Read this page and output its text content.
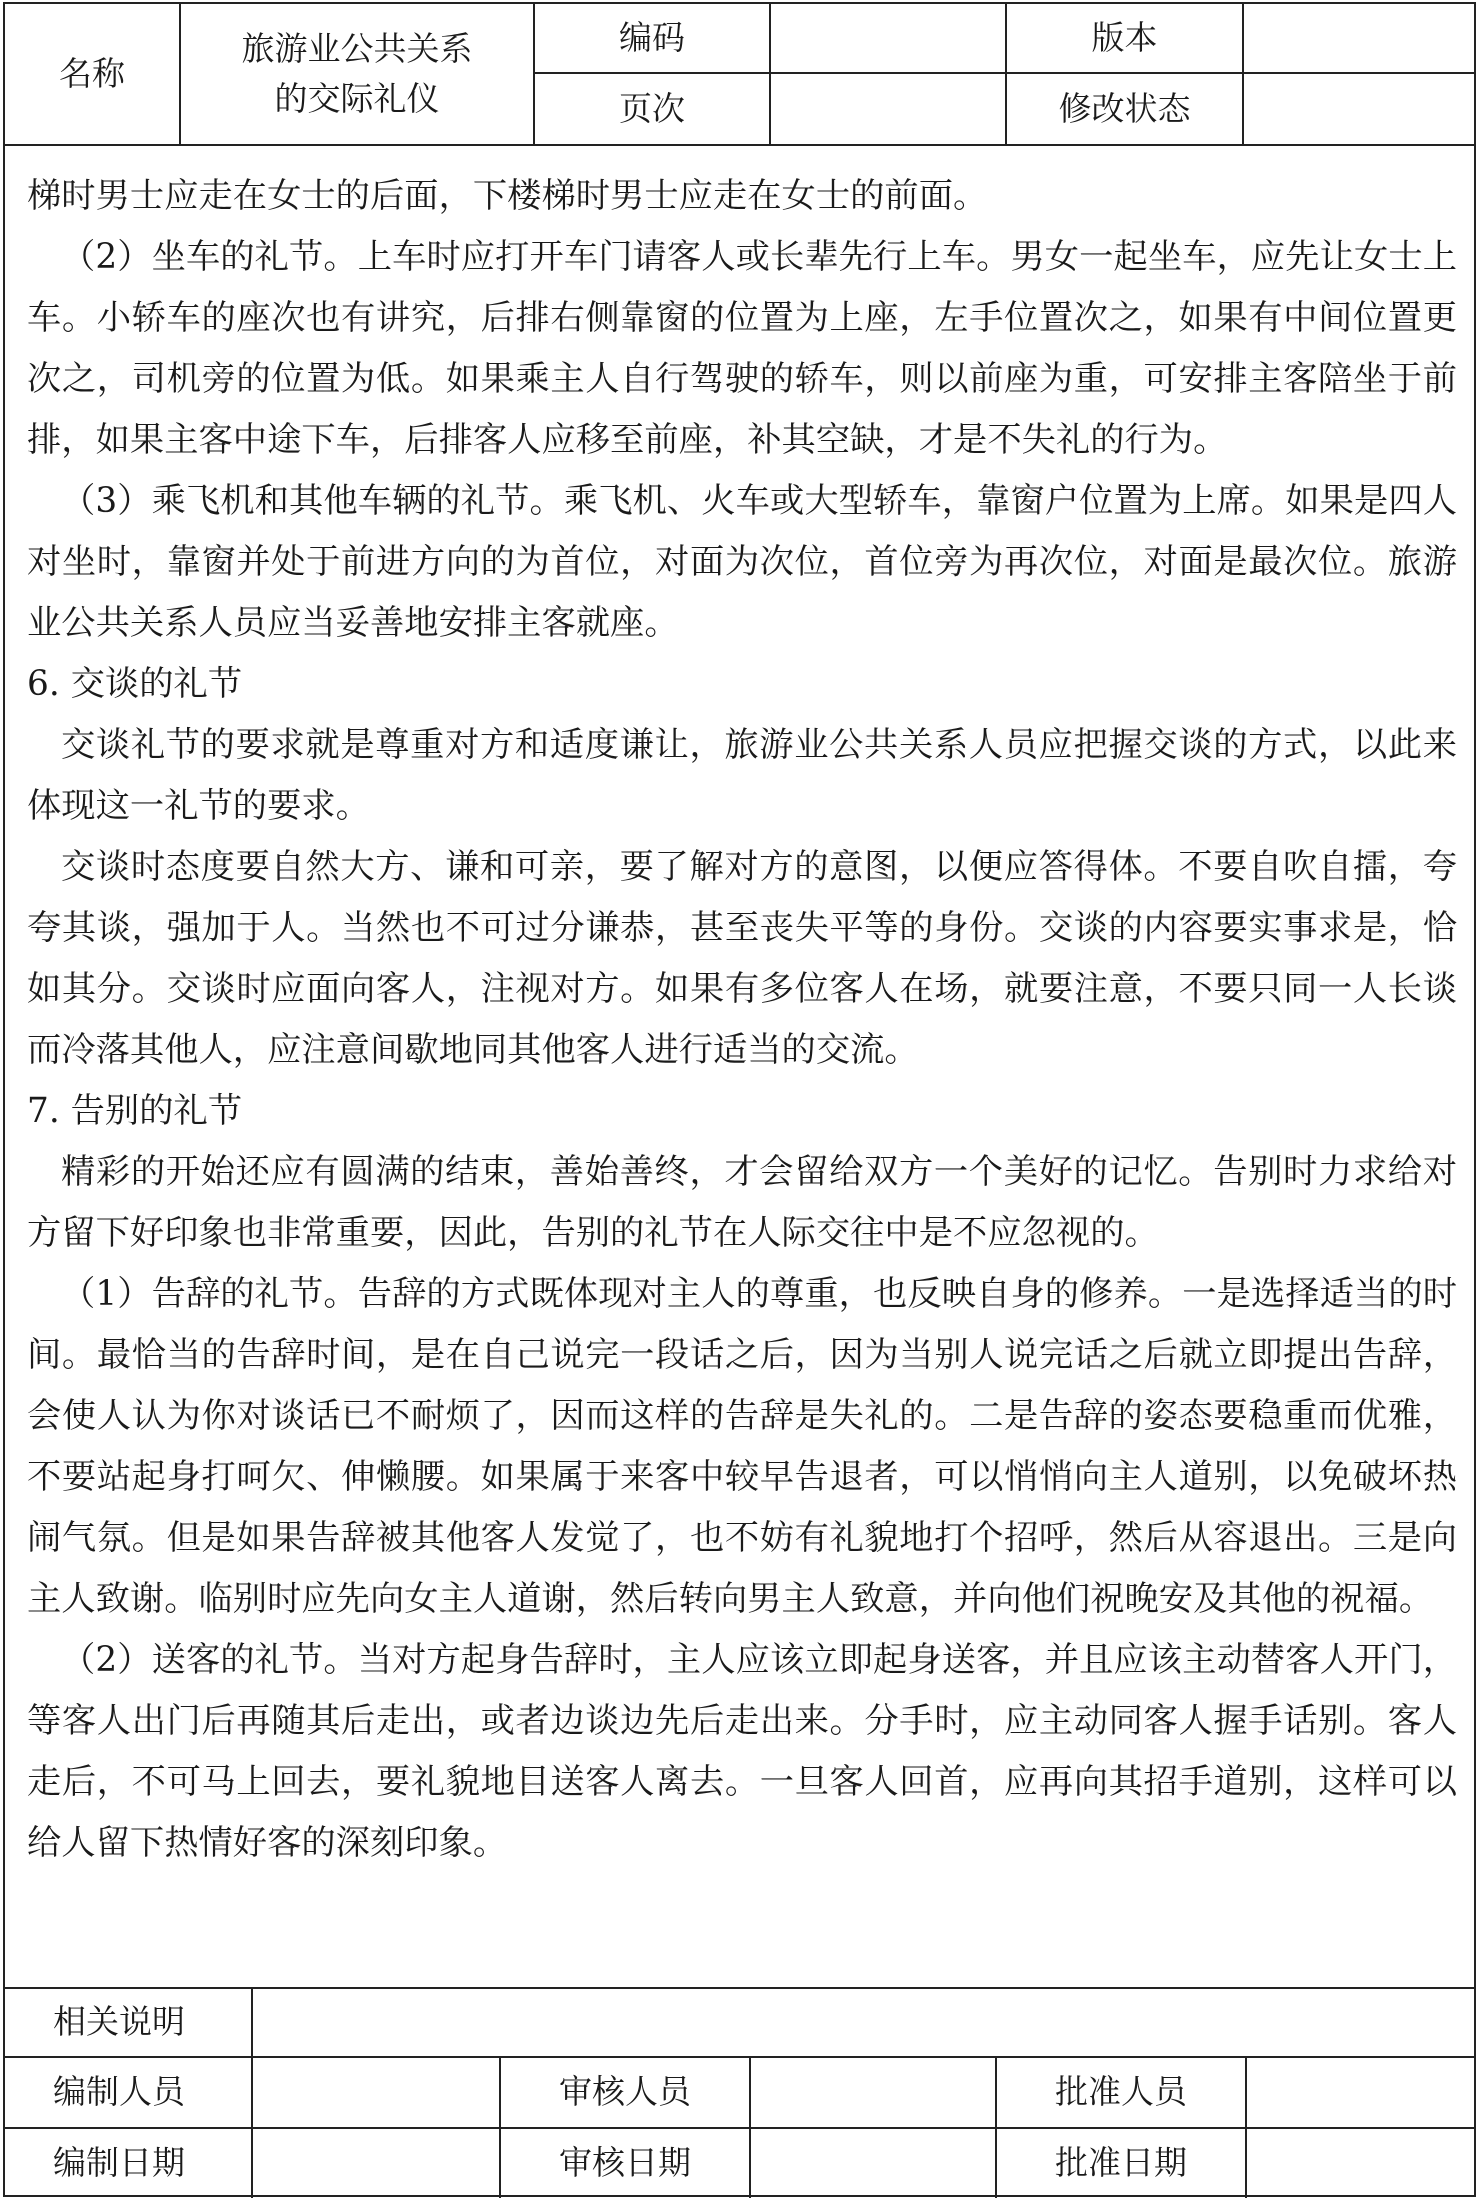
名称	旅游业公共关系的交际礼仪	编码		版本	
		页次		修改状态	

梯时男士应走在女士的后面，下楼梯时男士应走在女士的前面。

（2）坐车的礼节。上车时应打开车门请客人或长辈先行上车。男女一起坐车，应先让女士上车。小轿车的座次也有讲究，后排右侧靠窗的位置为上座，左手位置次之，如果有中间位置更次之，司机旁的位置为低。如果乘主人自行驾驶的轿车，则以前座为重，可安排主客陪坐于前排，如果主客中途下车，后排客人应移至前座，补其空缺，才是不失礼的行为。

（3）乘飞机和其他车辆的礼节。乘飞机、火车或大型轿车，靠窗户位置为上席。如果是四人对坐时，靠窗并处于前进方向的为首位，对面为次位，首位旁为再次位，对面是最次位。旅游业公共关系人员应当妥善地安排主客就座。

6. 交谈的礼节

交谈礼节的要求就是尊重对方和适度谦让，旅游业公共关系人员应把握交谈的方式，以此来体现这一礼节的要求。

交谈时态度要自然大方、谦和可亲，要了解对方的意图，以便应答得体。不要自吹自擂，夸夸其谈，强加于人。当然也不可过分谦恭，甚至丧失平等的身份。交谈的内容要实事求是，恰如其分。交谈时应面向客人，注视对方。如果有多位客人在场，就要注意，不要只同一人长谈而冷落其他人，应注意间歇地同其他客人进行适当的交流。

7. 告别的礼节

精彩的开始还应有圆满的结束，善始善终，才会留给双方一个美好的记忆。告别时力求给对方留下好印象也非常重要，因此，告别的礼节在人际交往中是不应忽视的。

（1）告辞的礼节。告辞的方式既体现对主人的尊重，也反映自身的修养。一是选择适当的时间。最恰当的告辞时间，是在自己说完一段话之后，因为当别人说完话之后就立即提出告辞，会使人认为你对谈话已不耐烦了，因而这样的告辞是失礼的。二是告辞的姿态要稳重而优雅，不要站起身打呵欠、伸懒腰。如果属于来客中较早告退者，可以悄悄向主人道别，以免破坏热闹气氛。但是如果告辞被其他客人发觉了，也不妨有礼貌地打个招呼，然后从容退出。三是向主人致谢。临别时应先向女主人道谢，然后转向男主人致意，并向他们祝晚安及其他的祝福。

（2）送客的礼节。当对方起身告辞时，主人应该立即起身送客，并且应该主动替客人开门，等客人出门后再随其后走出，或者边谈边先后走出来。分手时，应主动同客人握手话别。客人走后，不可马上回去，要礼貌地目送客人离去。一旦客人回首，应再向其招手道别，这样可以给人留下热情好客的深刻印象。

相关说明					
编制人员		审核人员		批准人员	
编制日期		审核日期		批准日期	
